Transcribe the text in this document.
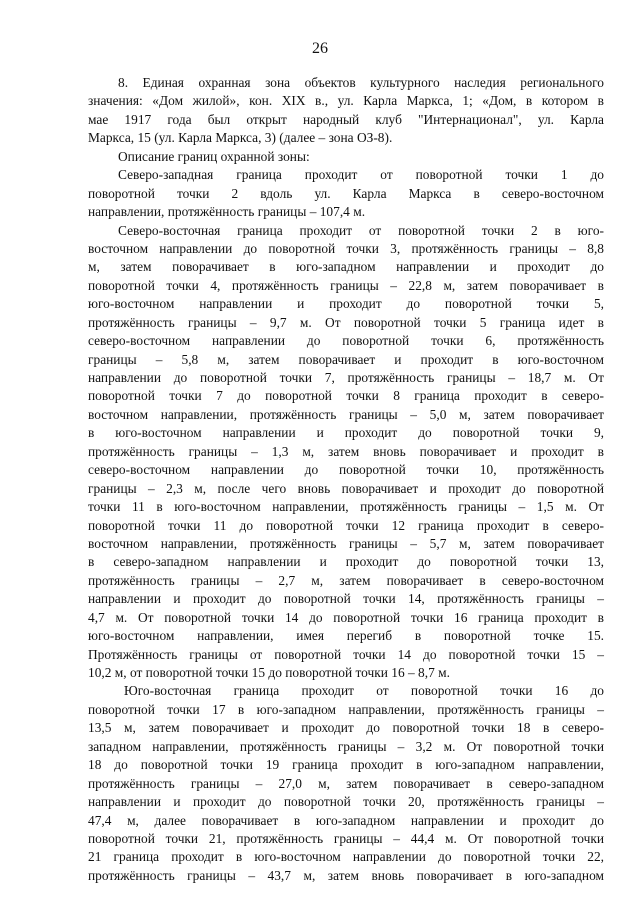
26
8. Единая охранная зона объектов культурного наследия регионального
значения: «Дом жилой», кон. XIX в., ул. Карла Маркса, 1; «Дом, в котором в
мае 1917 года был открыт народный клуб "Интернационал", ул. Карла
Маркса, 15 (ул. Карла Маркса, 3) (далее – зона ОЗ-8).
Описание границ охранной зоны:
Северо-западная граница проходит от поворотной точки 1 до
поворотной точки 2 вдоль ул. Карла Маркса в северо-восточном
направлении, протяжённость границы – 107,4 м.
Северо-восточная граница проходит от поворотной точки 2 в юго-
восточном направлении до поворотной точки 3, протяжённость границы – 8,8
м, затем поворачивает в юго-западном направлении и проходит до
поворотной точки 4, протяжённость границы – 22,8 м, затем поворачивает в
юго-восточном направлении и проходит до поворотной точки 5,
протяжённость границы – 9,7 м. От поворотной точки 5 граница идет в
северо-восточном направлении до поворотной точки 6, протяжённость
границы – 5,8 м, затем поворачивает и проходит в юго-восточном
направлении до поворотной точки 7, протяжённость границы – 18,7 м. От
поворотной точки 7 до поворотной точки 8 граница проходит в северо-
восточном направлении, протяжённость границы – 5,0 м, затем поворачивает
в юго-восточном направлении и проходит до поворотной точки 9,
протяжённость границы – 1,3 м, затем вновь поворачивает и проходит в
северо-восточном направлении до поворотной точки 10, протяжённость
границы – 2,3 м, после чего вновь поворачивает и проходит до поворотной
точки 11 в юго-восточном направлении, протяжённость границы – 1,5 м. От
поворотной точки 11 до поворотной точки 12 граница проходит в северо-
восточном направлении, протяжённость границы – 5,7 м, затем поворачивает
в северо-западном направлении и проходит до поворотной точки 13,
протяжённость границы – 2,7 м, затем поворачивает в северо-восточном
направлении и проходит до поворотной точки 14, протяжённость границы –
4,7 м. От поворотной точки 14 до поворотной точки 16 граница проходит в
юго-восточном направлении, имея перегиб в поворотной точке 15.
Протяжённость границы от поворотной точки 14 до поворотной точки 15 –
10,2 м, от поворотной точки 15 до поворотной точки 16 – 8,7 м.
Юго-восточная граница проходит от поворотной точки 16 до
поворотной точки 17 в юго-западном направлении, протяжённость границы –
13,5 м, затем поворачивает и проходит до поворотной точки 18 в северо-
западном направлении, протяжённость границы – 3,2 м. От поворотной точки
18 до поворотной точки 19 граница проходит в юго-западном направлении,
протяжённость границы – 27,0 м, затем поворачивает в северо-западном
направлении и проходит до поворотной точки 20, протяжённость границы –
47,4 м, далее поворачивает в юго-западном направлении и проходит до
поворотной точки 21, протяжённость границы – 44,4 м. От поворотной точки
21 граница проходит в юго-восточном направлении до поворотной точки 22,
протяжённость границы – 43,7 м, затем вновь поворачивает в юго-западном
